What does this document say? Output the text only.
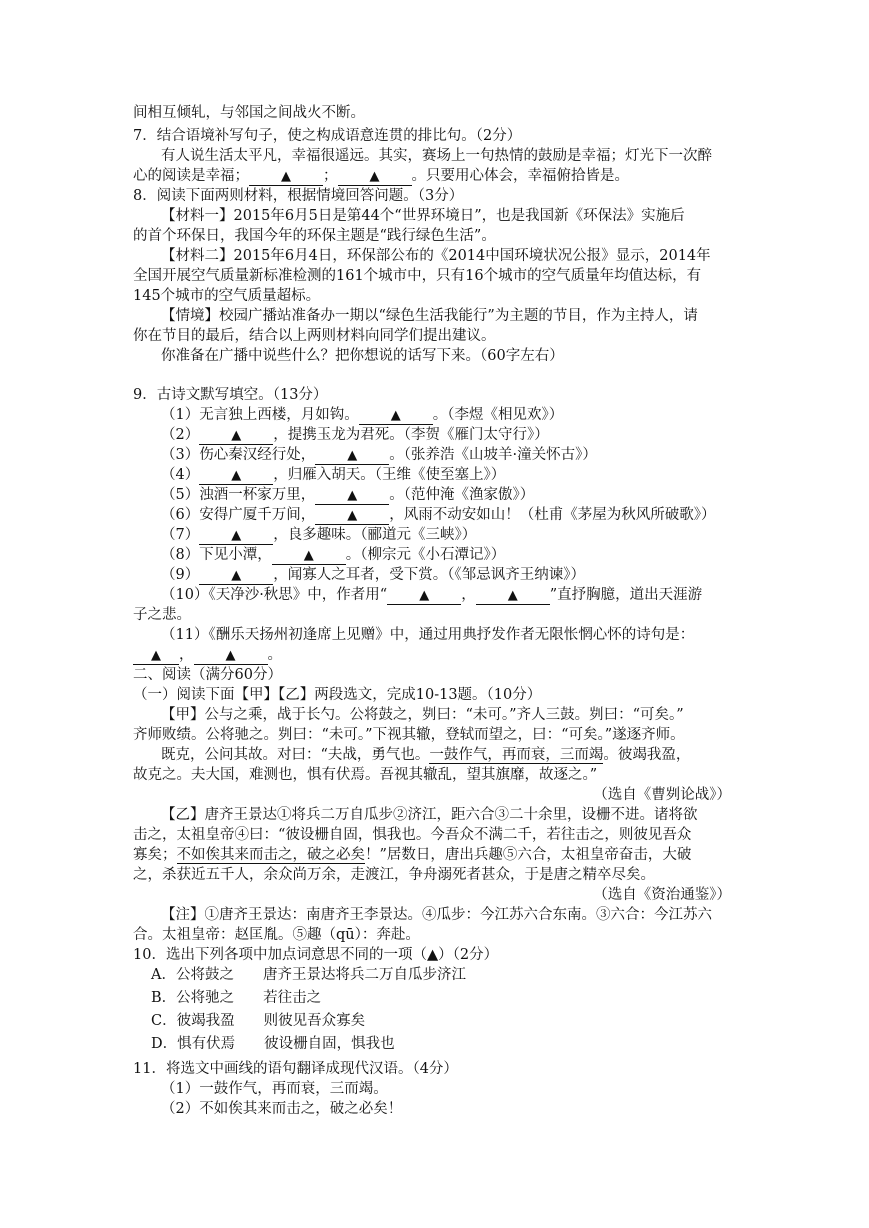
间相互倾轧，与邻国之间战火不断。
7．结合语境补写句子，使之构成语意连贯的排比句。（2分）
有人说生活太平凡，幸福很遥远。其实，赛场上一句热情的鼓励是幸福；灯光下一次醉
心的阅读是幸福； ▲ ； ▲ 。只要用心体会，幸福俯拾皆是。
8．阅读下面两则材料，根据情境回答问题。（3分）
【材料一】2015年6月5日是第44个“世界环境日”，也是我国新《环保法》实施后
的首个环保日，我国今年的环保主题是“践行绿色生活”。
【材料二】2015年6月4日，环保部公布的《2014中国环境状况公报》显示，2014年
全国开展空气质量新标准检测的161个城市中，只有16个城市的空气质量年均值达标，有
145个城市的空气质量超标。
【情境】校园广播站准备办一期以“绿色生活我能行”为主题的节目，作为主持人，请
你在节目的最后，结合以上两则材料向同学们提出建议。
你准备在广播中说些什么？把你想说的话写下来。（60字左右）
9．古诗文默写填空。（13分）
（1）无言独上西楼，月如钩。 ▲ 。（李煜《相见欢》）
（2） ▲ ，提携玉龙为君死。（李贺《雁门太守行》）
（3）伤心秦汉经行处， ▲ 。（张养浩《山坡羊·潼关怀古》）
（4） ▲ ，归雁入胡天。（王维《使至塞上》）
（5）浊酒一杯家万里， ▲ 。（范仲淹《渔家傲》）
（6）安得广厦千万间， ▲ ，风雨不动安如山！（杜甫《茅屋为秋风所破歌》）
（7） ▲ ，良多趣味。（郦道元《三峡》）
（8）下见小潭， ▲ 。（柳宗元《小石潭记》）
（9） ▲ ，闻寡人之耳者，受下赏。（《邹忌讽齐王纳谏》）
（10）《天净沙·秋思》中，作者用“ ▲ ， ▲ ”直抒胸臆，道出天涯游
子之悲。
（11）《酬乐天扬州初逢席上见赠》中，通过用典抒发作者无限怅惘心怀的诗句是：
▲ ， ▲ 。
二、阅读（满分60分）
（一）阅读下面【甲】【乙】两段选文，完成10-13题。（10分）
【甲】公与之乘，战于长勺。公将鼓之，刿曰：“未可。”齐人三鼓。刿曰：“可矣。”
齐师败绩。公将驰之。刿曰：“未可。”下视其辙，登轼而望之，曰：“可矣。”遂逐齐师。
既克，公问其故。对曰：“夫战，勇气也。一鼓作气，再而衰，三而竭。彼竭我盈，
故克之。夫大国，难测也，惧有伏焉。吾视其辙乱，望其旗靡，故逐之。”
（选自《曹刿论战》）
【乙】唐齐王景达①将兵二万自瓜步②济江，距六合③二十余里，设栅不进。诸将欲
击之，太祖皇帝④曰：“彼设栅自固，惧我也。今吾众不满二千，若往击之，则彼见吾众
寡矣；不如俟其来而击之，破之必矣！”居数日，唐出兵趣⑤六合，太祖皇帝奋击，大破
之，杀获近五千人，余众尚万余，走渡江，争舟溺死者甚众，于是唐之精卒尽矣。
（选自《资治通鉴》）
【注】①唐齐王景达：南唐齐王李景达。④瓜步：今江苏六合东南。③六合：今江苏六
合。太祖皇帝：赵匡胤。⑤趣（qū）：奔赴。
10．选出下列各项中加点词意思不同的一项（▲）（2分）
A．公将鼓之　　唐齐王景达将兵二万自瓜步济江
B．公将驰之　　若往击之
C．彼竭我盈　　则彼见吾众寡矣
D．惧有伏焉　　彼设栅自固，惧我也
11．将选文中画线的语句翻译成现代汉语。（4分）
（1）一鼓作气，再而衰，三而竭。
（2）不如俟其来而击之，破之必矣！
